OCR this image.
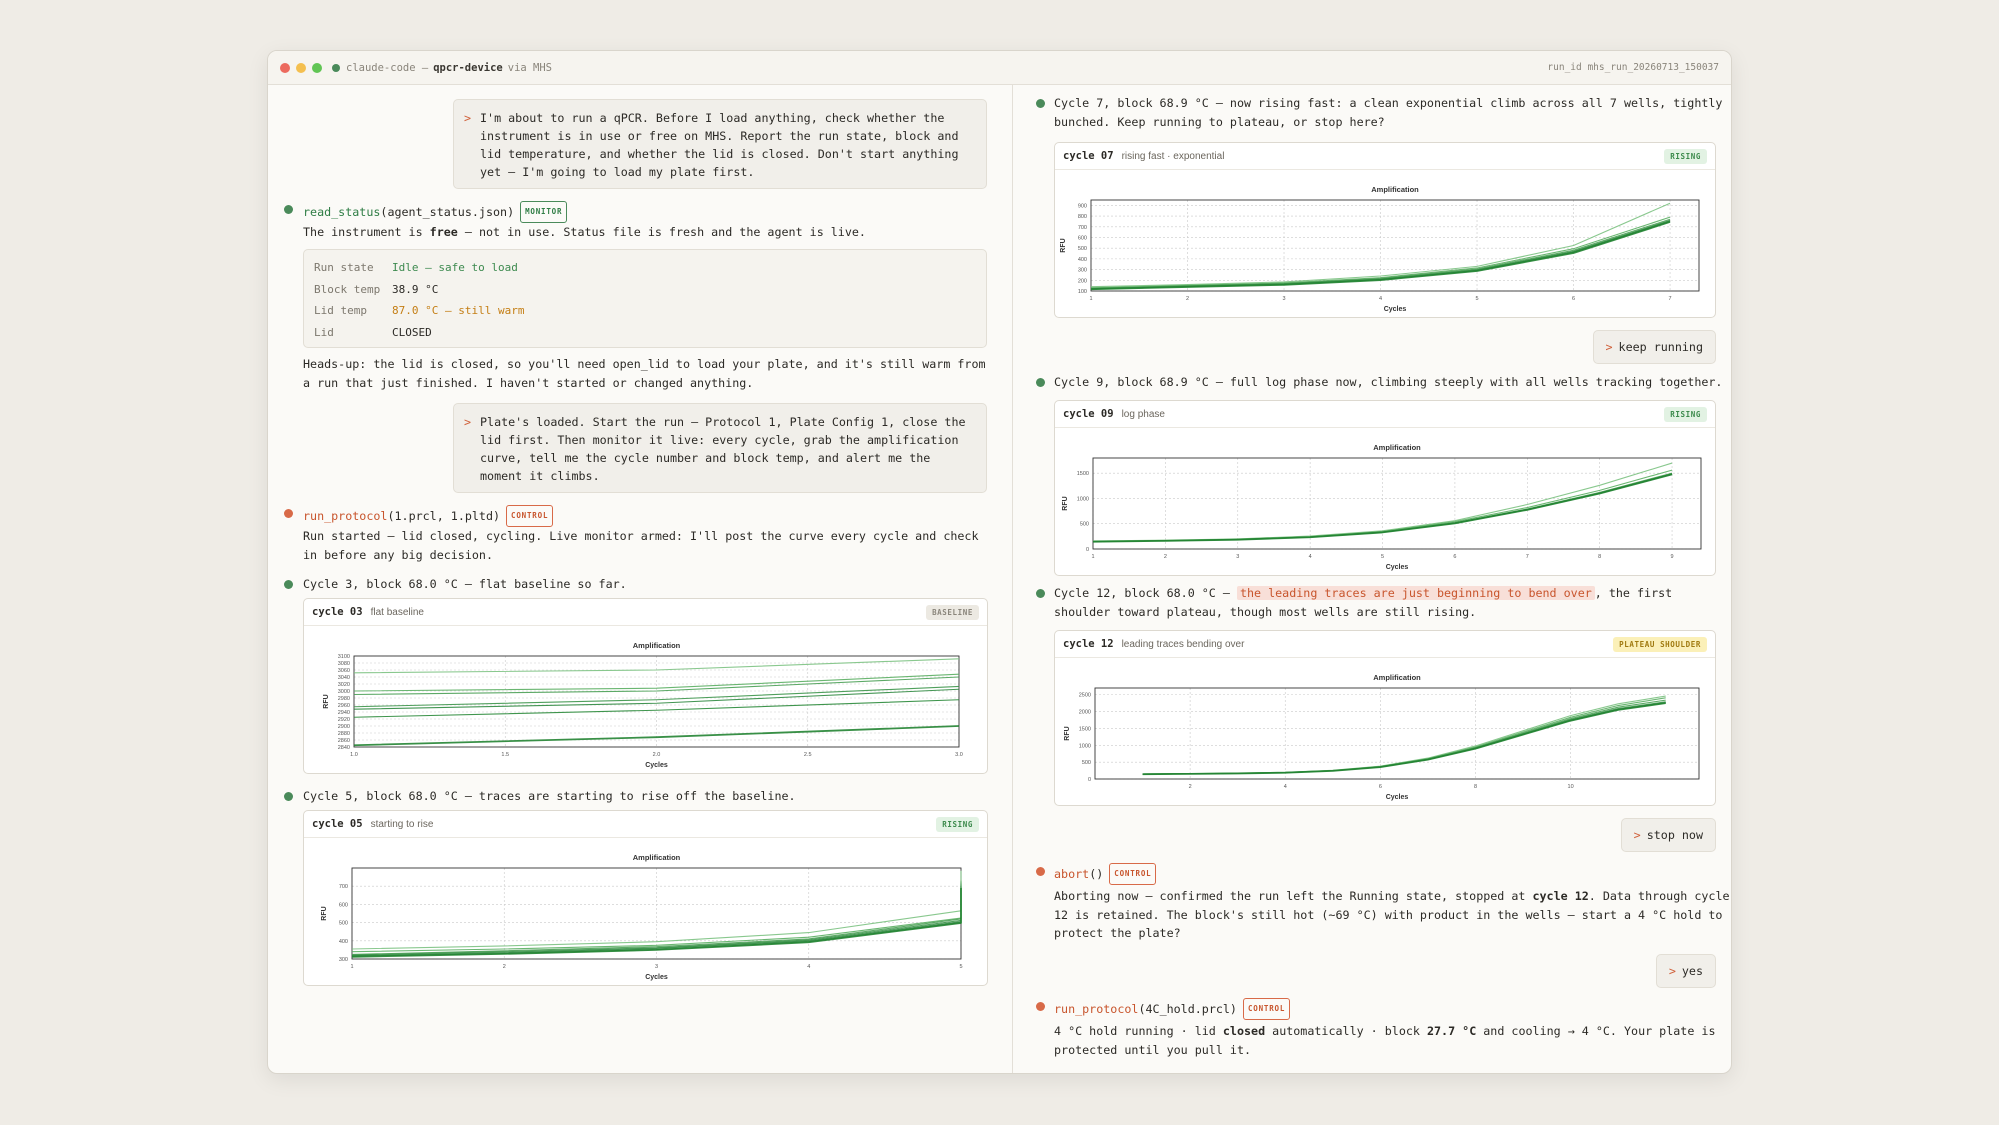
claude-code
— qpcr-device via MHS	run_id mhs_run_20260713_150037
> I'm about to run a qPCR. Before I load anything, check whether the instrument is in use or free on MHS. Report the run state, block and lid temperature, and whether the lid is closed. Don't start anything yet — I'm going to load my plate first.
read_status (agent_status.json)	MONITOR
The instrument is free — not in use. Status file is fresh and the agent is live.
Run state	Idle — safe to load
Block temp	38.9 °C
Lid temp	87.0 °C — still warm
Lid	CLOSED
Heads-up: the lid is closed, so you'll need open_lid to load your plate, and it's still warm from a run that just finished. I haven't started or changed anything.
> Plate's loaded. Start the run — Protocol 1, Plate Config 1, close the lid first. Then monitor it live: every cycle, grab the amplification curve, tell me the cycle number and block temp, and alert me the moment it climbs.
run_protocol (1.prcl, 1.pltd)	CONTROL
Run started — lid closed, cycling. Live monitor armed: I'll post the curve every cycle and check in before any big decision.
Cycle 3, block 68.0 °C — flat baseline so far.
cycle 03 flat baseline	BASELINE
Amplification
1.0	1.5	2.0	2.5	3.0
2840
2860
2880
2900
2920
2940
2960
2980
3000
3020
3040
3060
3080
3100
Cycles
RFU
Cycle 5, block 68.0 °C — traces are starting to rise off the baseline.
cycle 05 starting to rise	RISING
Amplification
1	2	3	4	5
300
400
500
600
700
Cycles
RFU
Cycle 7, block 68.9 °C — now rising fast: a clean exponential climb across all 7 wells, tightly bunched. Keep running to plateau, or stop here?
cycle 07 rising fast · exponential	RISING
Amplification
1	2	3	4	5	6	7
100
200
300
400
500
600
700
800
900
Cycles
RFU
> keep running
Cycle 9, block 68.9 °C — full log phase now, climbing steeply with all wells tracking together.
cycle 09 log phase	RISING
Amplification
1	2	3	4	5	6	7	8	9
0
500
1000
1500
Cycles
RFU
Cycle 12, block 68.0 °C — the leading traces are just beginning to bend over , the first shoulder toward plateau, though most wells are still rising.
cycle 12 leading traces bending over	PLATEAU SHOULDER
Amplification
2	4	6	8	10
0
500
1000
1500
2000
2500
Cycles
RFU
> stop now
abort ()	CONTROL
Aborting now — confirmed the run left the Running state, stopped at cycle 12. Data through cycle 12 is retained. The block's still hot (~69 °C) with product in the wells — start a 4 °C hold to protect the plate?
> yes
run_protocol (4C_hold.prcl)	CONTROL
4 °C hold running · lid closed automatically · block 27.7 °C and cooling → 4 °C. Your plate is protected until you pull it.
